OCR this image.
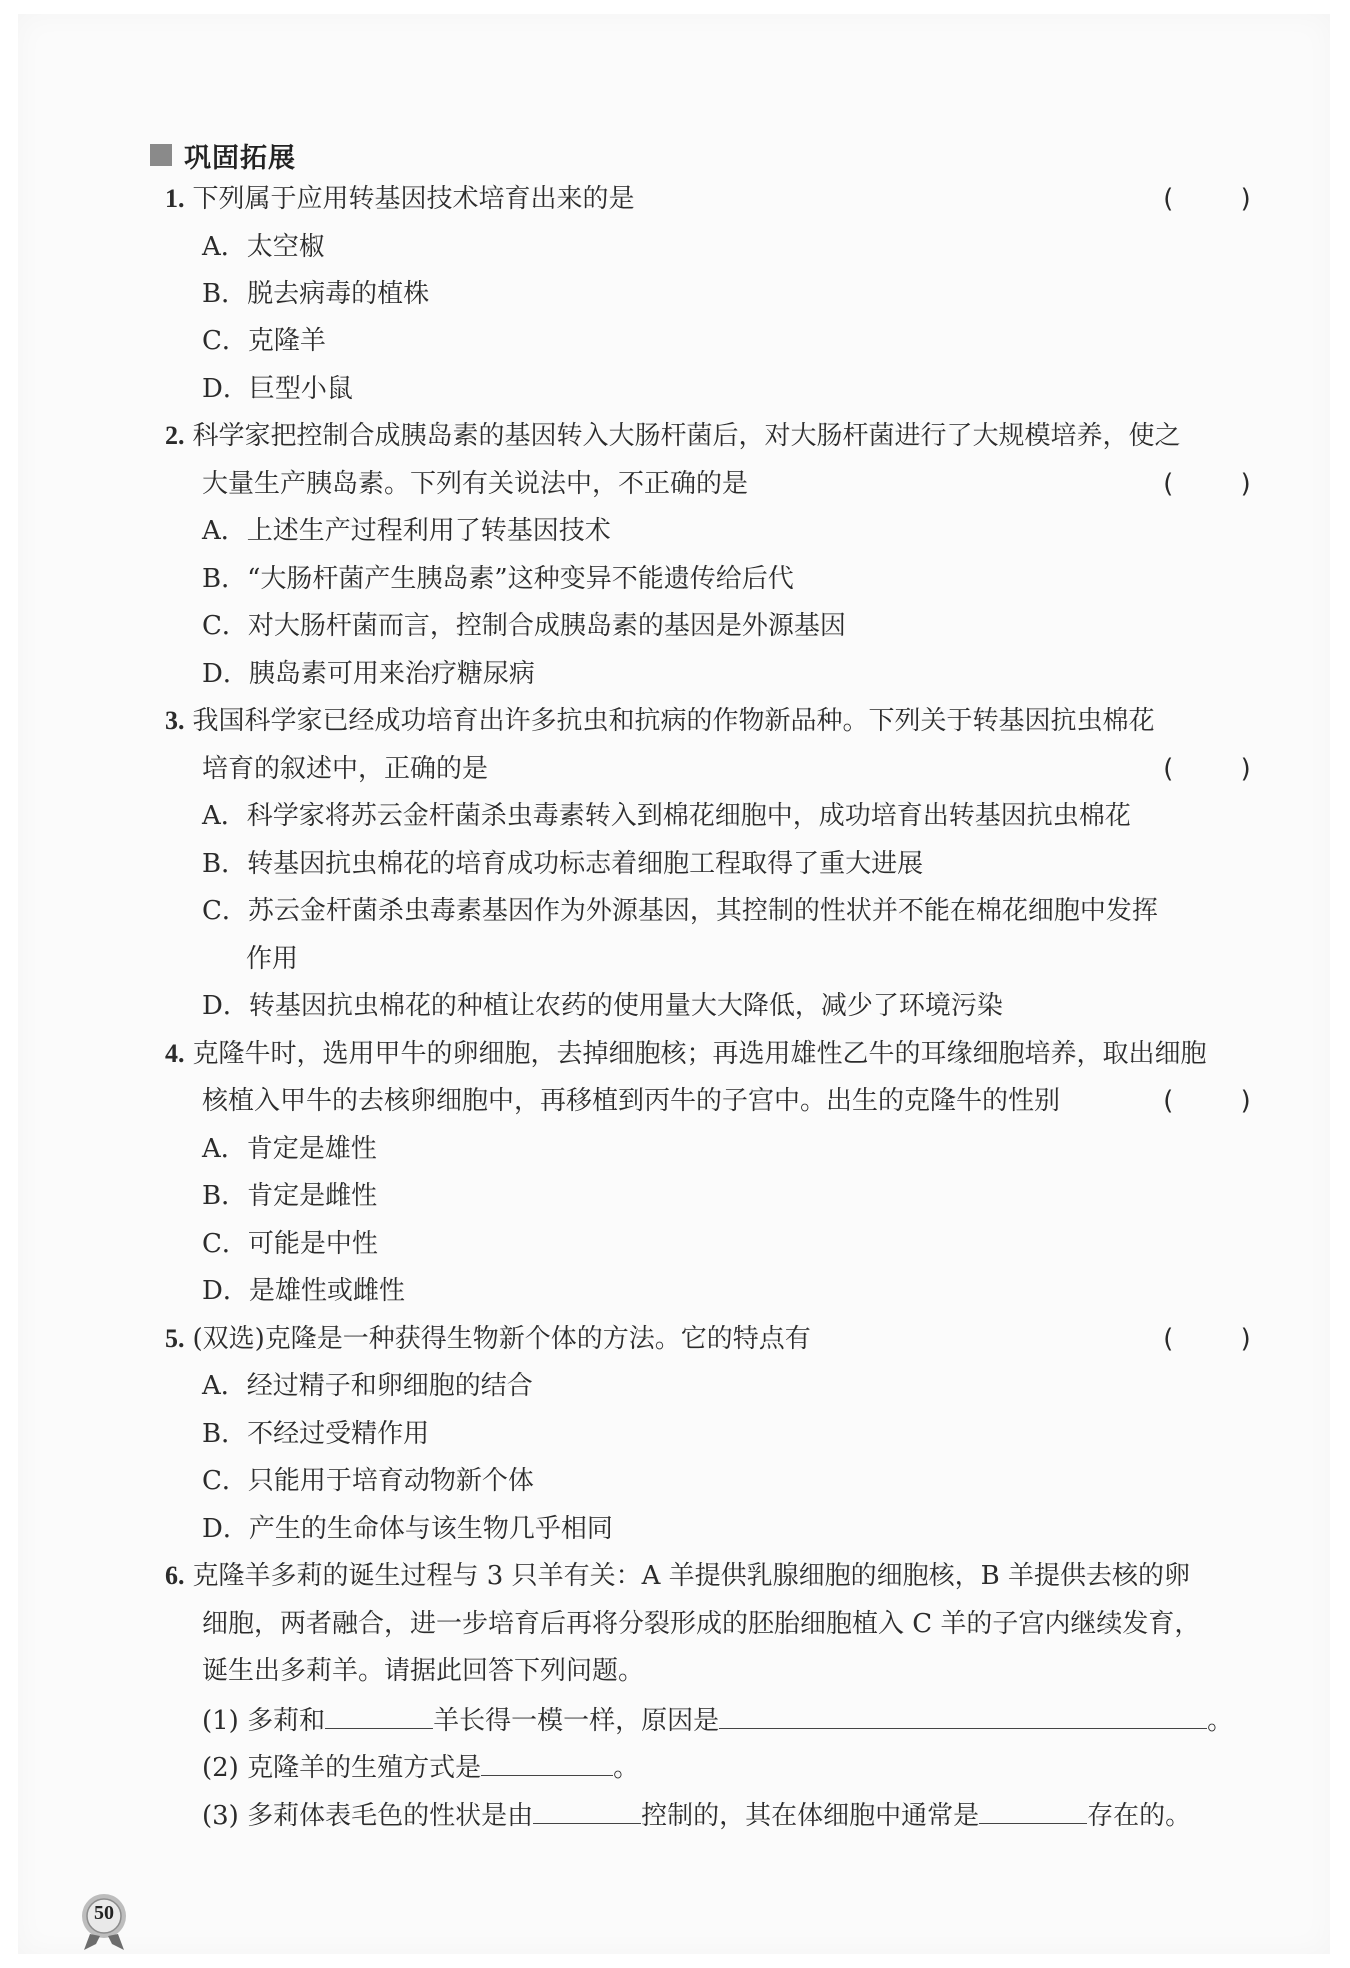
巩固拓展
1. 下列属于应用转基因技术培育出来的是	(    )
A．太空椒
B．脱去病毒的植株
C．克隆羊
D．巨型小鼠
2. 科学家把控制合成胰岛素的基因转入大肠杆菌后，对大肠杆菌进行了大规模培养，使之
大量生产胰岛素。下列有关说法中，不正确的是	(    )
A．上述生产过程利用了转基因技术
B．“大肠杆菌产生胰岛素”这种变异不能遗传给后代
C．对大肠杆菌而言，控制合成胰岛素的基因是外源基因
D．胰岛素可用来治疗糖尿病
3. 我国科学家已经成功培育出许多抗虫和抗病的作物新品种。下列关于转基因抗虫棉花
培育的叙述中，正确的是	(    )
A．科学家将苏云金杆菌杀虫毒素转入到棉花细胞中，成功培育出转基因抗虫棉花
B．转基因抗虫棉花的培育成功标志着细胞工程取得了重大进展
C．苏云金杆菌杀虫毒素基因作为外源基因，其控制的性状并不能在棉花细胞中发挥
作用
D．转基因抗虫棉花的种植让农药的使用量大大降低，减少了环境污染
4. 克隆牛时，选用甲牛的卵细胞，去掉细胞核；再选用雄性乙牛的耳缘细胞培养，取出细胞
核植入甲牛的去核卵细胞中，再移植到丙牛的子宫中。出生的克隆牛的性别	(    )
A．肯定是雄性
B．肯定是雌性
C．可能是中性
D．是雄性或雌性
5. (双选)克隆是一种获得生物新个体的方法。它的特点有	(    )
A．经过精子和卵细胞的结合
B．不经过受精作用
C．只能用于培育动物新个体
D．产生的生命体与该生物几乎相同
6. 克隆羊多莉的诞生过程与 3 只羊有关：A 羊提供乳腺细胞的细胞核，B 羊提供去核的卵
细胞，两者融合，进一步培育后再将分裂形成的胚胎细胞植入 C 羊的子宫内继续发育，
诞生出多莉羊。请据此回答下列问题。
(1) 多莉和	羊长得一模一样，原因是	。
(2) 克隆羊的生殖方式是	。
(3) 多莉体表毛色的性状是由	控制的，其在体细胞中通常是	存在的。
50
